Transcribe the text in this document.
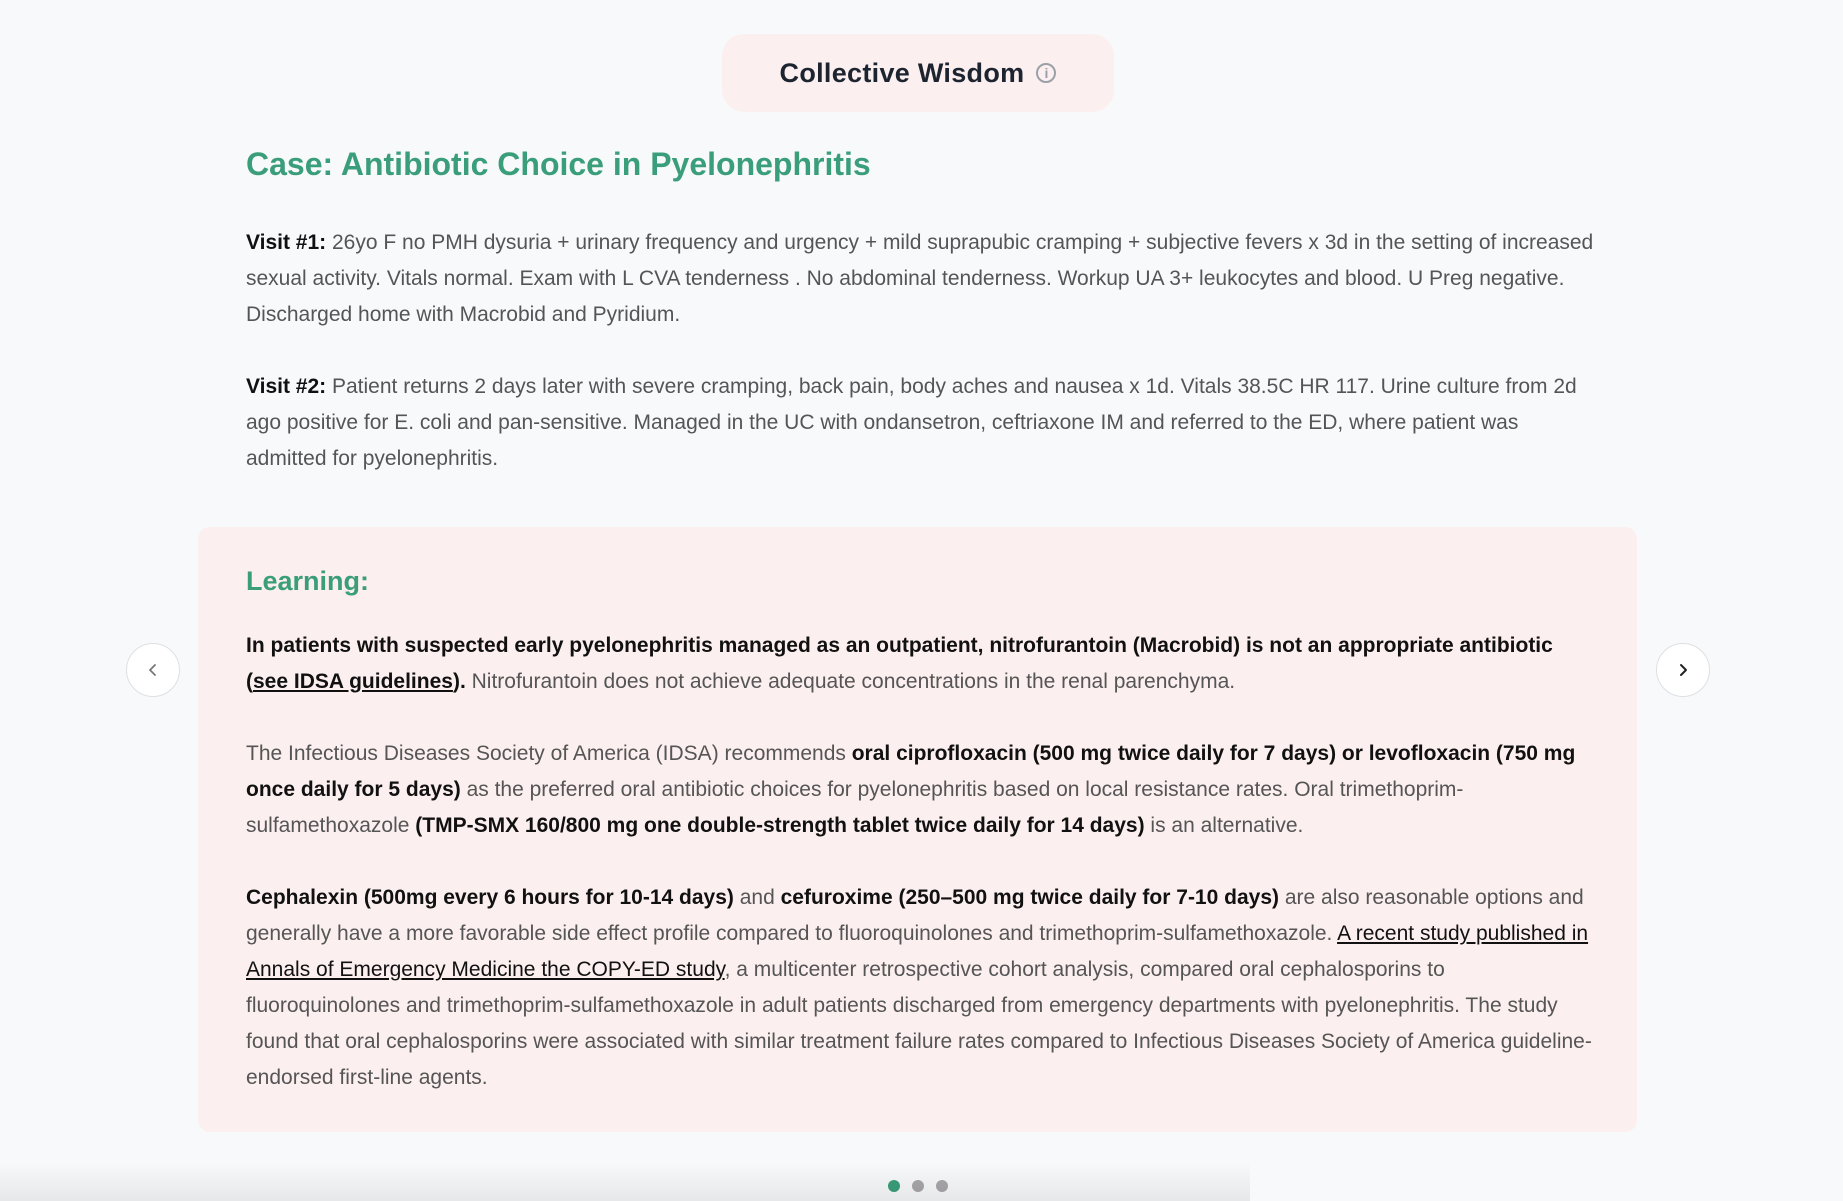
Collective Wisdom	i
Case: Antibiotic Choice in Pyelonephritis

Visit #1: 26yo F no PMH dysuria + urinary frequency and urgency + mild suprapubic cramping + subjective fevers x 3d in the setting of increased sexual activity. Vitals normal. Exam with L CVA tenderness . No abdominal tenderness. Workup UA 3+ leukocytes and blood. U Preg negative. Discharged home with Macrobid and Pyridium.

Visit #2: Patient returns 2 days later with severe cramping, back pain, body aches and nausea x 1d. Vitals 38.5C HR 117. Urine culture from 2d ago positive for E. coli and pan-sensitive. Managed in the UC with ondansetron, ceftriaxone IM and referred to the ED, where patient was admitted for pyelonephritis.

Learning:

In patients with suspected early pyelonephritis managed as an outpatient, nitrofurantoin (Macrobid) is not an appropriate antibiotic (see IDSA guidelines). Nitrofurantoin does not achieve adequate concentrations in the renal parenchyma.

The Infectious Diseases Society of America (IDSA) recommends oral ciprofloxacin (500 mg twice daily for 7 days) or levofloxacin (750 mg once daily for 5 days) as the preferred oral antibiotic choices for pyelonephritis based on local resistance rates. Oral trimethoprim-sulfamethoxazole (TMP-SMX 160/800 mg one double-strength tablet twice daily for 14 days) is an alternative.

Cephalexin (500mg every 6 hours for 10-14 days) and cefuroxime (250–500 mg twice daily for 7-10 days) are also reasonable options and generally have a more favorable side effect profile compared to fluoroquinolones and trimethoprim-sulfamethoxazole. A recent study published in Annals of Emergency Medicine the COPY-ED study, a multicenter retrospective cohort analysis, compared oral cephalosporins to fluoroquinolones and trimethoprim-sulfamethoxazole in adult patients discharged from emergency departments with pyelonephritis. The study found that oral cephalosporins were associated with similar treatment failure rates compared to Infectious Diseases Society of America guideline-endorsed first-line agents.
